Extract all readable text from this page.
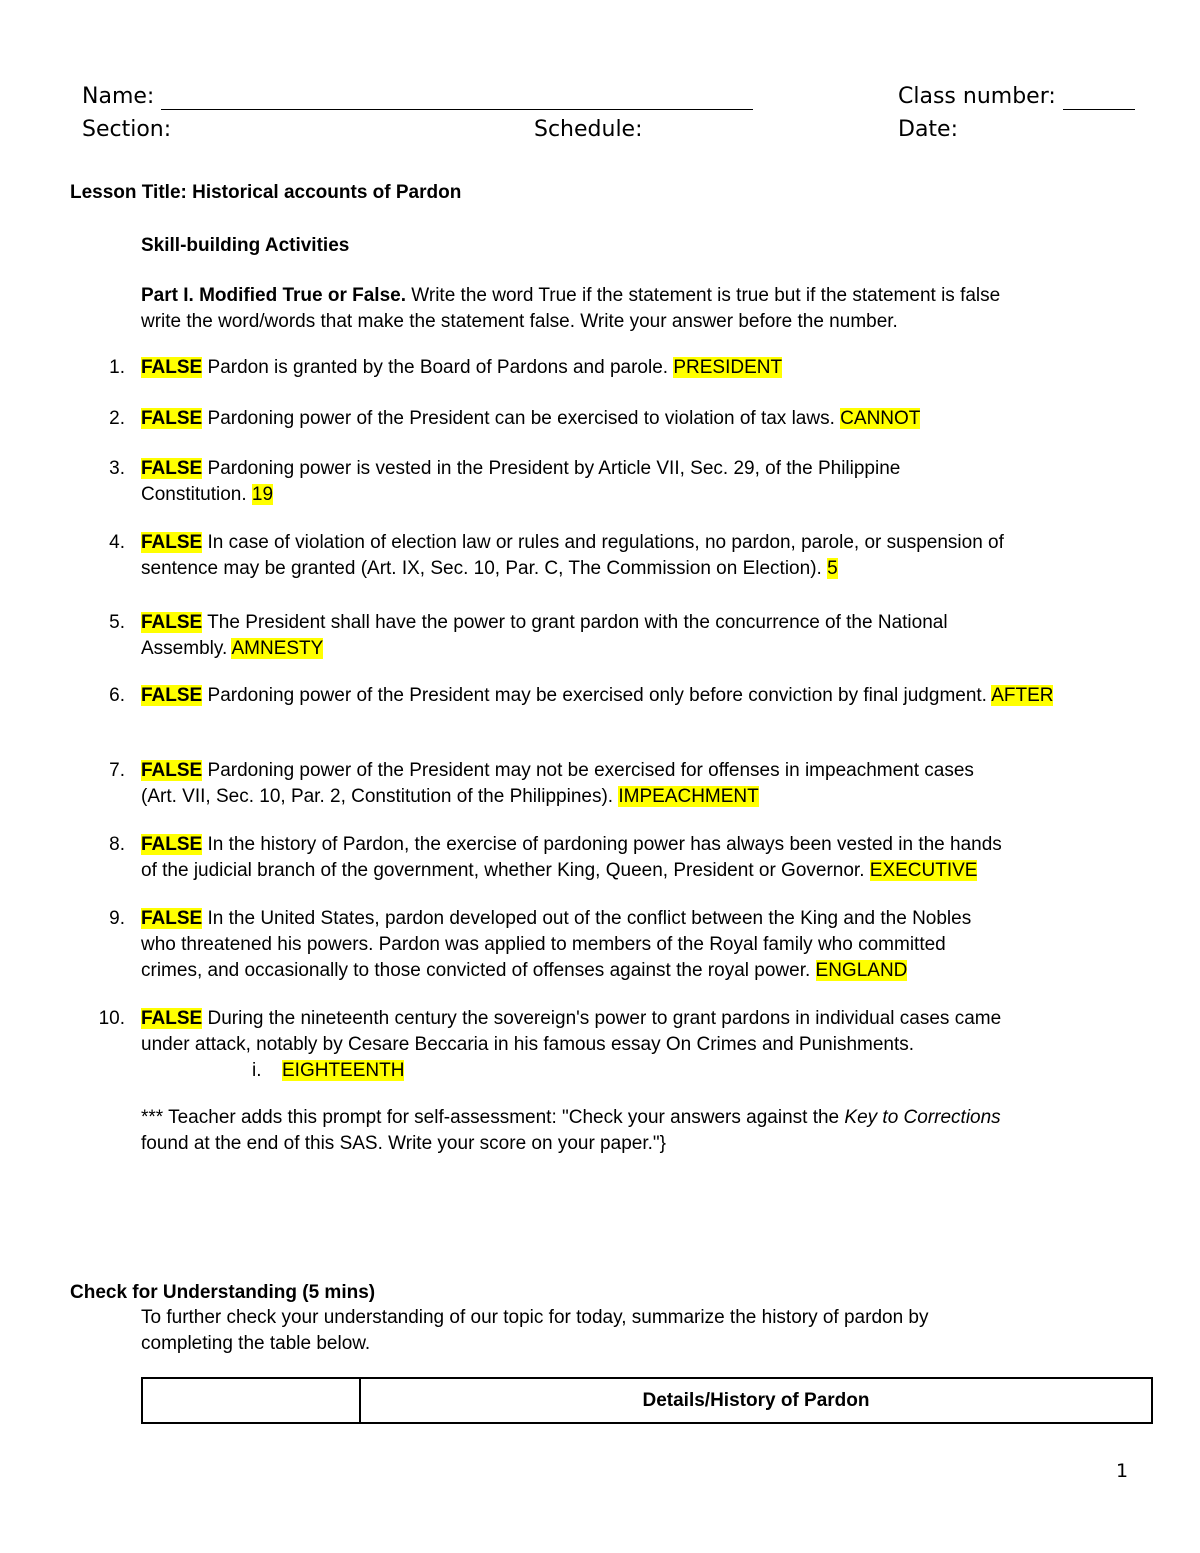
Name:	Class number:
Section:	Schedule:	Date:
Lesson Title: Historical accounts of Pardon
Skill-building Activities
Part I. Modified True or False. Write the word True if the statement is true but if the statement is false
write the word/words that make the statement false. Write your answer before the number.
1. FALSE Pardon is granted by the Board of Pardons and parole. PRESIDENT
2. FALSE Pardoning power of the President can be exercised to violation of tax laws. CANNOT
3. FALSE Pardoning power is vested in the President by Article VII, Sec. 29, of the Philippine
Constitution. 19
4. FALSE In case of violation of election law or rules and regulations, no pardon, parole, or suspension of
sentence may be granted (Art. IX, Sec. 10, Par. C, The Commission on Election). 5
5. FALSE The President shall have the power to grant pardon with the concurrence of the National
Assembly. AMNESTY
6. FALSE Pardoning power of the President may be exercised only before conviction by final judgment. AFTER
7. FALSE Pardoning power of the President may not be exercised for offenses in impeachment cases
(Art. VII, Sec. 10, Par. 2, Constitution of the Philippines). IMPEACHMENT
8. FALSE In the history of Pardon, the exercise of pardoning power has always been vested in the hands
of the judicial branch of the government, whether King, Queen, President or Governor. EXECUTIVE
9. FALSE In the United States, pardon developed out of the conflict between the King and the Nobles
who threatened his powers. Pardon was applied to members of the Royal family who committed
crimes, and occasionally to those convicted of offenses against the royal power. ENGLAND
10. FALSE During the nineteenth century the sovereign's power to grant pardons in individual cases came
under attack, notably by Cesare Beccaria in his famous essay On Crimes and Punishments.
i. EIGHTEENTH
*** Teacher adds this prompt for self-assessment: "Check your answers against the Key to Corrections
found at the end of this SAS. Write your score on your paper."}
Check for Understanding (5 mins)
To further check your understanding of our topic for today, summarize the history of pardon by
completing the table below.
	Details/History of Pardon
1
